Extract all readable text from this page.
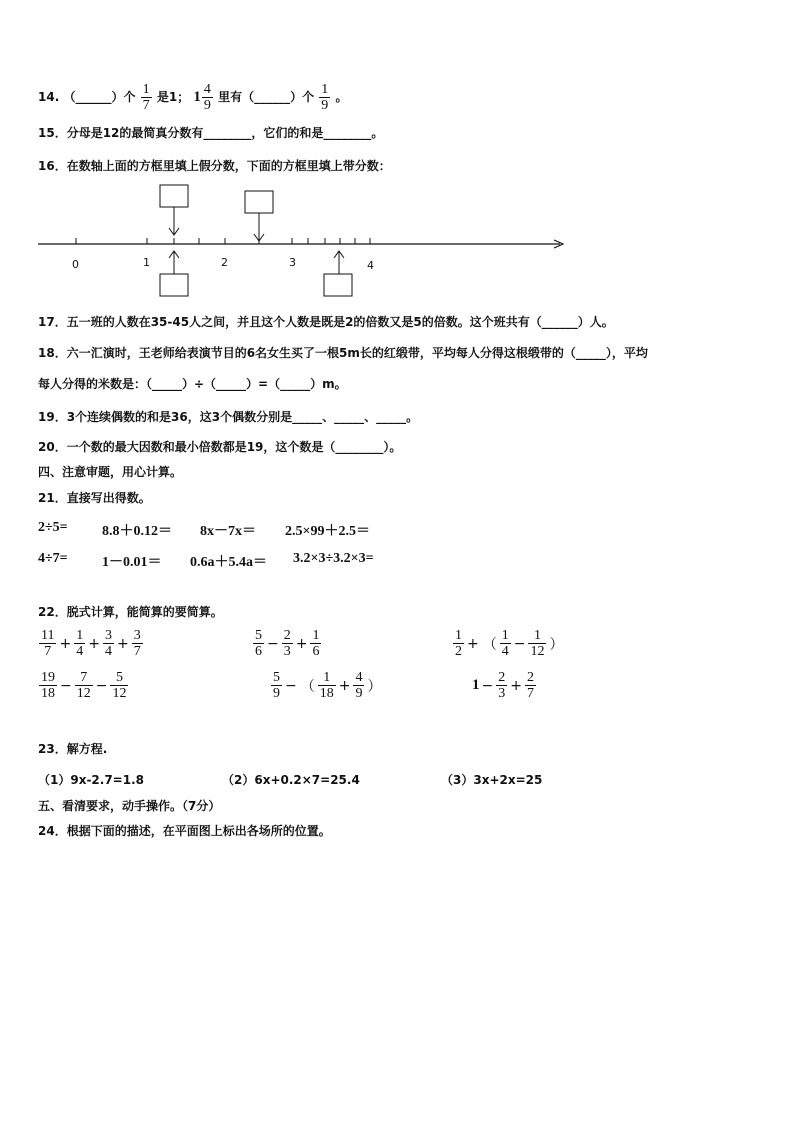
14. （______）个 $\frac{1}{7}$ 是1； $1 \frac{4}{9}$ 里有（______）个 $\frac{1}{9}$ 。
15．分母是12的最简真分数有________，它们的和是________。
16．在数轴上面的方框里填上假分数，下面的方框里填上带分数：
0	1	2	3	4
17．五一班的人数在35-45人之间，并且这个人数是既是2的倍数又是5的倍数。这个班共有（______）人。
18．六一汇演时，王老师给表演节目的6名女生买了一根5m长的红缎带，平均每人分得这根缎带的（_____），平均
每人分得的米数是：（_____）÷（_____）=（_____）m。
19．3个连续偶数的和是36，这3个偶数分别是_____、_____、_____。
20．一个数的最大因数和最小倍数都是19，这个数是（________）。
四、注意审题，用心计算。
21．直接写出得数。
2÷5= 8.8＋0.12＝ 8x－7x＝ 2.5×99＋2.5＝
4÷7= 1－0.01＝ 0.6a＋5.4a＝ 3.2×3÷3.2×3=
22．脱式计算，能简算的要简算。
$\frac{11}{7} + \frac{1}{4} + \frac{3}{4} + \frac{3}{7}$	$\frac{5}{6} - \frac{2}{3} + \frac{1}{6}$	$\frac{1}{2}$ + （ $\frac{1}{4} - \frac{1}{12}$ ）
$\frac{19}{18} - \frac{7}{12} - \frac{5}{12}$	$\frac{5}{9}$ − （ $\frac{1}{18} + \frac{4}{9}$ ）	$1 - \frac{2}{3} + \frac{2}{7}$
23．解方程.
（1）9x-2.7=1.8	（2）6x+0.2×7=25.4	（3）3x+2x=25
五、看清要求，动手操作。（7分）
24．根据下面的描述，在平面图上标出各场所的位置。
